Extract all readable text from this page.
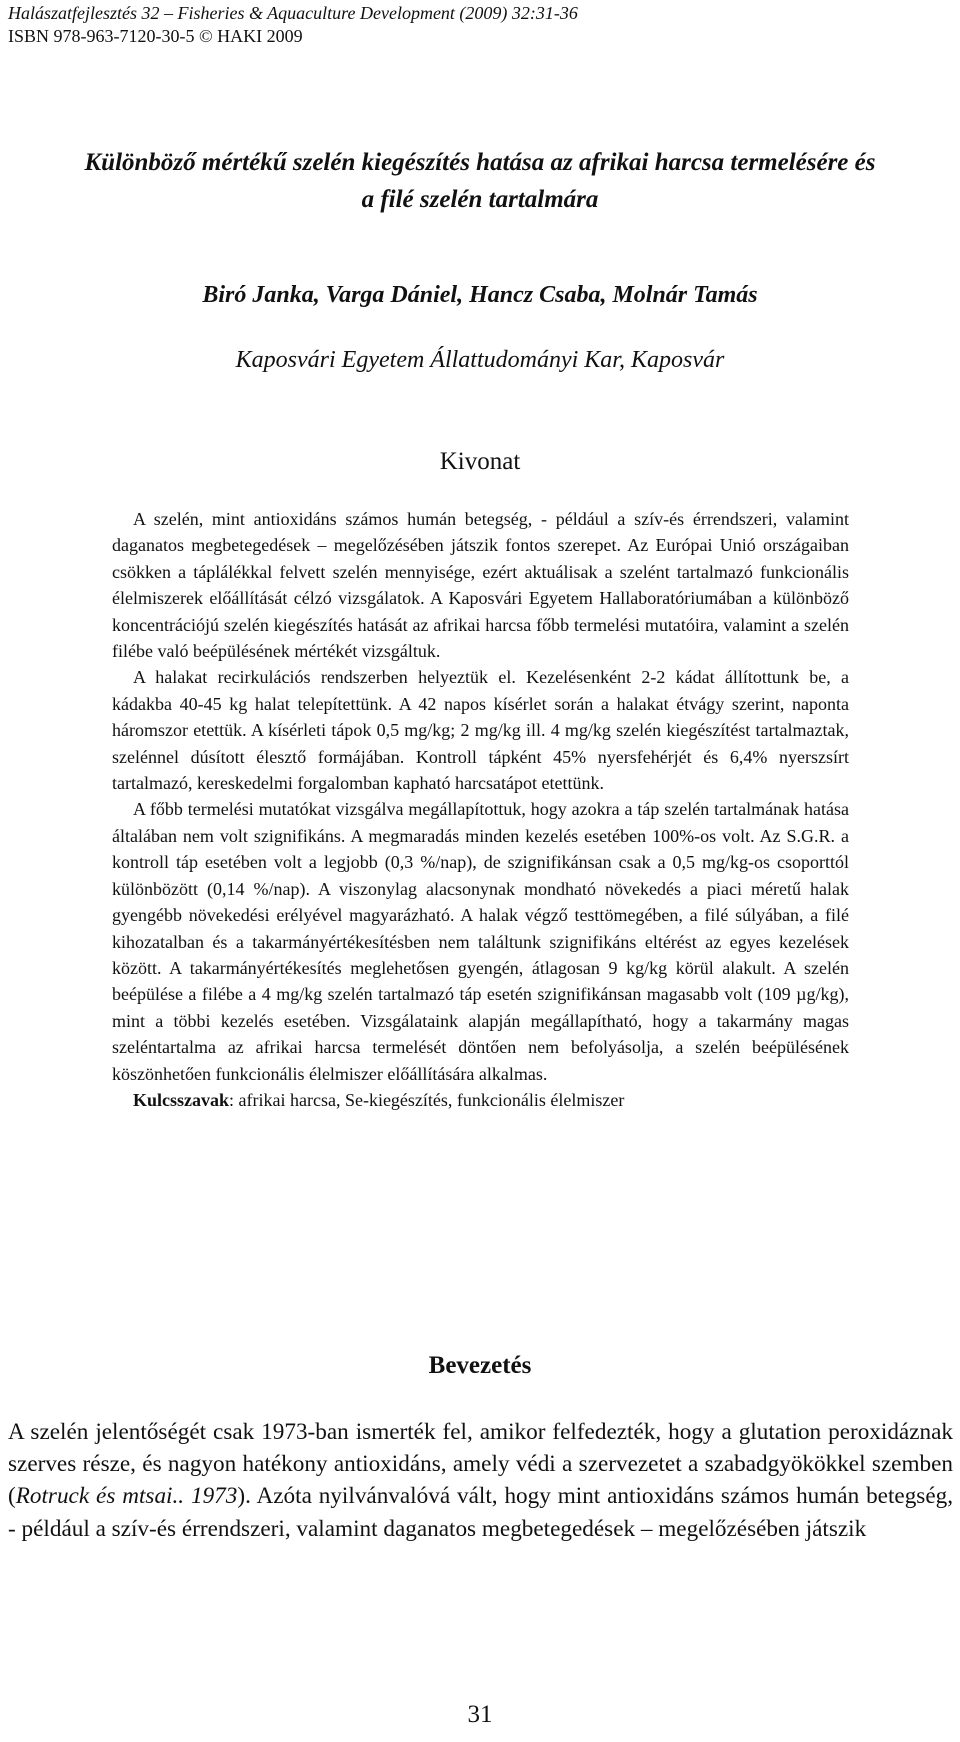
Halászatfejlesztés 32 – Fisheries & Aquaculture Development (2009) 32:31-36
ISBN 978-963-7120-30-5 © HAKI 2009
Különböző mértékű szelén kiegészítés hatása az afrikai harcsa termelésére és
a filé szelén tartalmára
Biró Janka, Varga Dániel, Hancz Csaba, Molnár Tamás
Kaposvári Egyetem Állattudományi Kar, Kaposvár
Kivonat

A szelén, mint antioxidáns számos humán betegség, - például a szív-és érrendszeri, valamint daganatos megbetegedések – megelőzésében játszik fontos szerepet. Az Európai Unió országaiban csökken a táplálékkal felvett szelén mennyisége, ezért aktuálisak a szelént tartalmazó funkcionális élelmiszerek előállítását célzó vizsgálatok. A Kaposvári Egyetem Hallaboratóriumában a különböző koncentrációjú szelén kiegészítés hatását az afrikai harcsa főbb termelési mutatóira, valamint a szelén filébe való beépülésének mértékét vizsgáltuk.

A halakat recirkulációs rendszerben helyeztük el. Kezelésenként 2-2 kádat állítottunk be, a kádakba 40-45 kg halat telepítettünk. A 42 napos kísérlet során a halakat étvágy szerint, naponta háromszor etettük. A kísérleti tápok 0,5 mg/kg; 2 mg/kg ill. 4 mg/kg szelén kiegészítést tartalmaztak, szelénnel dúsított élesztő formájában. Kontroll tápként 45% nyersfehérjét és 6,4% nyerszsírt tartalmazó, kereskedelmi forgalomban kapható harcsatápot etettünk.

A főbb termelési mutatókat vizsgálva megállapítottuk, hogy azokra a táp szelén tartalmának hatása általában nem volt szignifikáns. A megmaradás minden kezelés esetében 100%-os volt. Az S.G.R. a kontroll táp esetében volt a legjobb (0,3 %/nap), de szignifikánsan csak a 0,5 mg/kg-os csoporttól különbözött (0,14 %/nap). A viszonylag alacsonynak mondható növekedés a piaci méretű halak gyengébb növekedési erélyével magyarázható. A halak végző testtömegében, a filé súlyában, a filé kihozatalban és a takarmányértékesítésben nem találtunk szignifikáns eltérést az egyes kezelések között. A takarmányértékesítés meglehetősen gyengén, átlagosan 9 kg/kg körül alakult. A szelén beépülése a filébe a 4 mg/kg szelén tartalmazó táp esetén szignifikánsan magasabb volt (109 µg/kg), mint a többi kezelés esetében. Vizsgálataink alapján megállapítható, hogy a takarmány magas szeléntartalma az afrikai harcsa termelését döntően nem befolyásolja, a szelén beépülésének köszönhetően funkcionális élelmiszer előállítására alkalmas.

Kulcsszavak: afrikai harcsa, Se-kiegészítés, funkcionális élelmiszer

Bevezetés

A szelén jelentőségét csak 1973-ban ismerték fel, amikor felfedezték, hogy a glutation peroxidáznak szerves része, és nagyon hatékony antioxidáns, amely védi a szervezetet a szabadgyökökkel szemben (Rotruck és mtsai.. 1973). Azóta nyilvánvalóvá vált, hogy mint antioxidáns számos humán betegség, - például a szív-és érrendszeri, valamint daganatos megbetegedések – megelőzésében játszik

31
